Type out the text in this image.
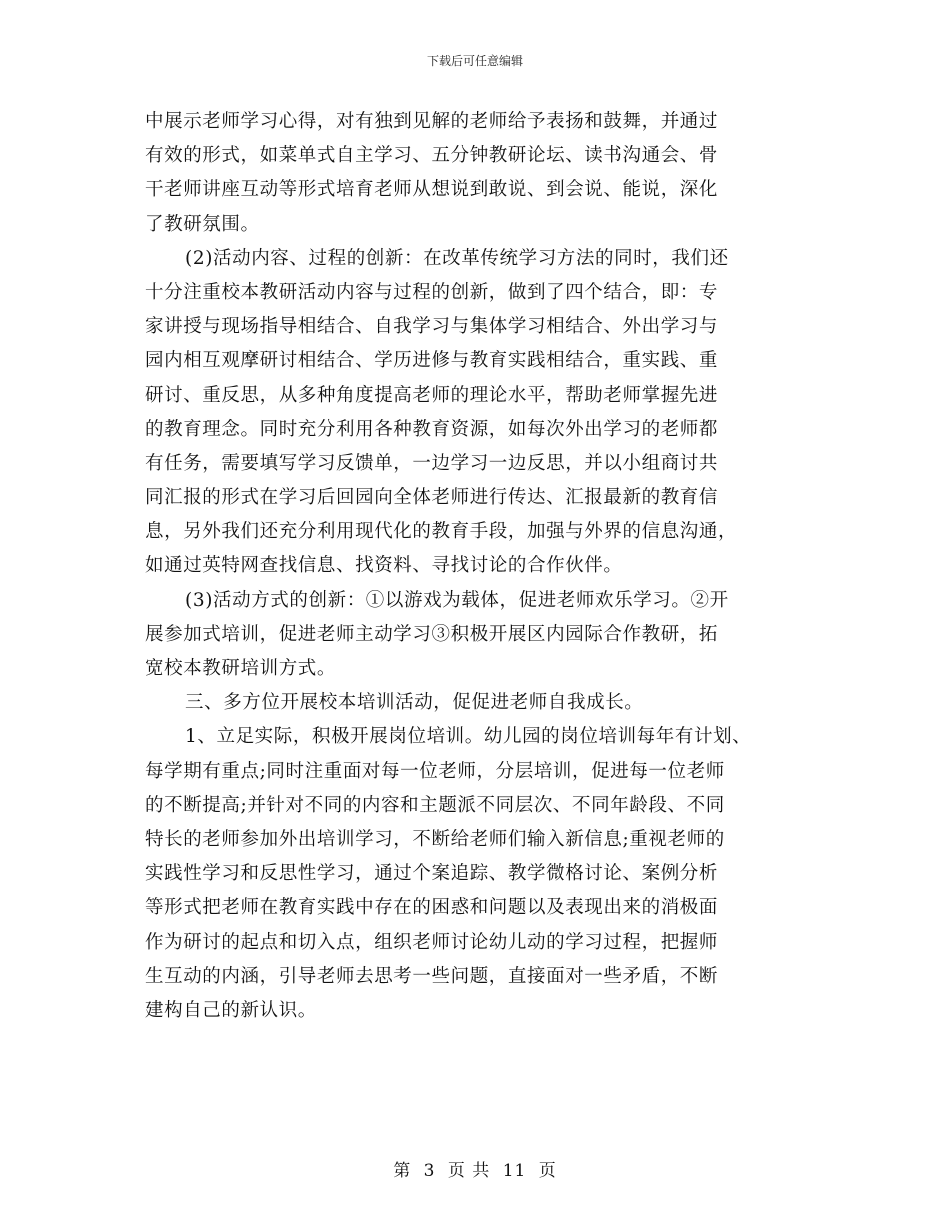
下载后可任意编辑
中展示老师学习心得，对有独到见解的老师给予表扬和鼓舞，并通过
有效的形式，如菜单式自主学习、五分钟教研论坛、读书沟通会、骨
干老师讲座互动等形式培育老师从想说到敢说、到会说、能说，深化
了教研氛围。
(2)活动内容、过程的创新：在改革传统学习方法的同时，我们还
十分注重校本教研活动内容与过程的创新，做到了四个结合，即：专
家讲授与现场指导相结合、自我学习与集体学习相结合、外出学习与
园内相互观摩研讨相结合、学历进修与教育实践相结合，重实践、重
研讨、重反思，从多种角度提高老师的理论水平，帮助老师掌握先进
的教育理念。同时充分利用各种教育资源，如每次外出学习的老师都
有任务，需要填写学习反馈单，一边学习一边反思，并以小组商讨共
同汇报的形式在学习后回园向全体老师进行传达、汇报最新的教育信
息，另外我们还充分利用现代化的教育手段，加强与外界的信息沟通，
如通过英特网查找信息、找资料、寻找讨论的合作伙伴。
(3)活动方式的创新：①以游戏为载体，促进老师欢乐学习。②开
展参加式培训，促进老师主动学习③积极开展区内园际合作教研，拓
宽校本教研培训方式。
三、多方位开展校本培训活动，促促进老师自我成长。
1、立足实际，积极开展岗位培训。幼儿园的岗位培训每年有计划、
每学期有重点;同时注重面对每一位老师，分层培训，促进每一位老师
的不断提高;并针对不同的内容和主题派不同层次、不同年龄段、不同
特长的老师参加外出培训学习，不断给老师们输入新信息;重视老师的
实践性学习和反思性学习，通过个案追踪、教学微格讨论、案例分析
等形式把老师在教育实践中存在的困惑和问题以及表现出来的消极面
作为研讨的起点和切入点，组织老师讨论幼儿动的学习过程，把握师
生互动的内涵，引导老师去思考一些问题，直接面对一些矛盾，不断
建构自己的新认识。
第 3 页 共 11 页
